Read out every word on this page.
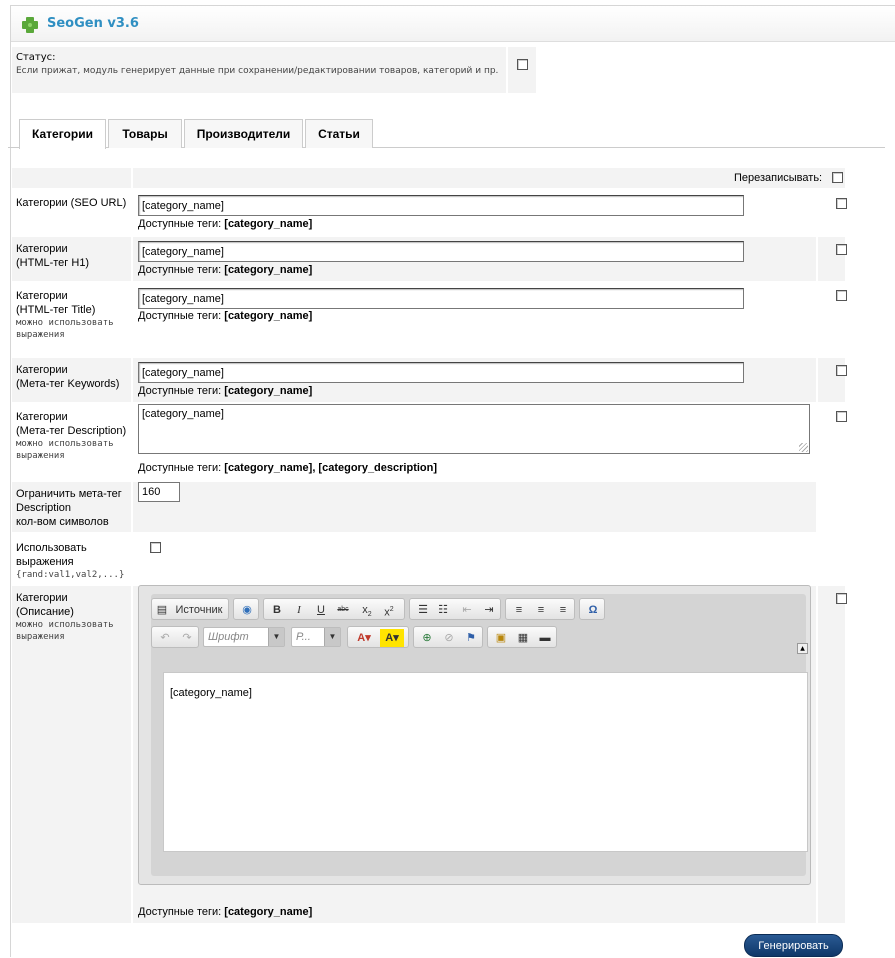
SeoGen v3.6
Статус:
Если прижат, модуль генерирует данные при сохранении/редактировании товаров, категорий и пр.
Категории	Товары	Производители	Статьи
Перезаписывать:
Категории (SEO URL)
[category_name]
Доступные теги: [category_name]
Категории
(HTML-тег H1)
[category_name]
Доступные теги: [category_name]
Категории
(HTML-тег Title)
можно использовать выражения
[category_name]
Доступные теги: [category_name]
Категории
(Мета-тег Keywords)
[category_name]
Доступные теги: [category_name]
Категории
(Мета-тег Description)
можно использовать выражения
[category_name]
Доступные теги: [category_name], [category_description]
Ограничить мета-тег
Description
кол-вом символов
160
Использовать
выражения
{rand:val1,val2,...}
Категории
(Описание)
можно использовать выражения
▤ Источник	◉	B	I	U	abc	$x_2$	$x^2$	☰ ☷	⇤	⇥	≡	≡	≡	Ω
↶	↷	Шрифт	▼	Р...	▼	A▾	A▾	⊕	⊘	⚑	▣	▦	▬
▲
[category_name]
Доступные теги: [category_name]
Генерировать
